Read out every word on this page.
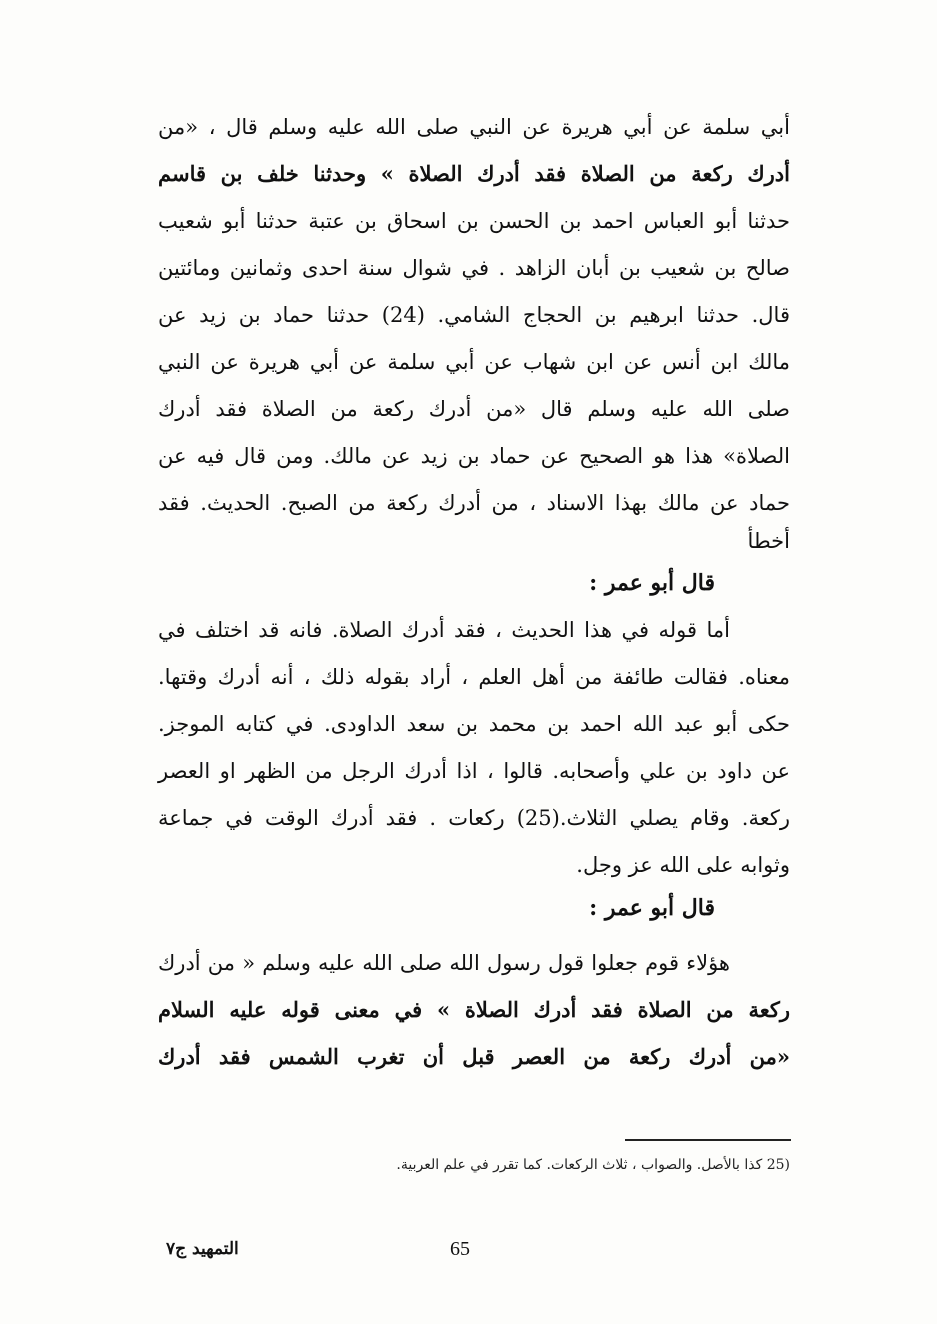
أبي سلمة عن أبي هريرة عن النبي صلى الله عليه وسلم قال ، «من
أدرك ركعة من الصلاة فقد أدرك الصلاة » وحدثنا خلف بن قاسم
حدثنا أبو العباس احمد بن الحسن بن اسحاق بن عتبة حدثنا أبو شعيب
صالح بن شعيب بن أبان الزاهد . في شوال سنة احدى وثمانين ومائتين
قال. حدثنا ابرهيم بن الحجاج الشامي. (24) حدثنا حماد بن زيد عن
مالك ابن أنس عن ابن شهاب عن أبي سلمة عن أبي هريرة عن النبي
صلى الله عليه وسلم قال «من أدرك ركعة من الصلاة فقد أدرك
الصلاة» هذا هو الصحيح عن حماد بن زيد عن مالك. ومن قال فيه عن
حماد عن مالك بهذا الاسناد ، من أدرك ركعة من الصبح. الحديث. فقد
أخطأ
قال أبو عمر :
أما قوله في هذا الحديث ، فقد أدرك الصلاة. فانه قد اختلف في
معناه. فقالت طائفة من أهل العلم ، أراد بقوله ذلك ، أنه أدرك وقتها.
حكى أبو عبد الله احمد بن محمد بن سعد الداودى. في كتابه الموجز.
عن داود بن علي وأصحابه. قالوا ، اذا أدرك الرجل من الظهر او العصر
ركعة. وقام يصلي الثلاث.(25) ركعات . فقد أدرك الوقت في جماعة
وثوابه على الله عز وجل.
قال أبو عمر :
هؤلاء قوم جعلوا قول رسول الله صلى الله عليه وسلم « من أدرك
ركعة من الصلاة فقد أدرك الصلاة » في معنى قوله عليه السلام
«من أدرك ركعة من العصر قبل أن تغرب الشمس فقد أدرك
(25 كذا بالأصل. والصواب ، ثلاث الركعات. كما تقرر في علم العربية.
65
التمهيد ج٧
